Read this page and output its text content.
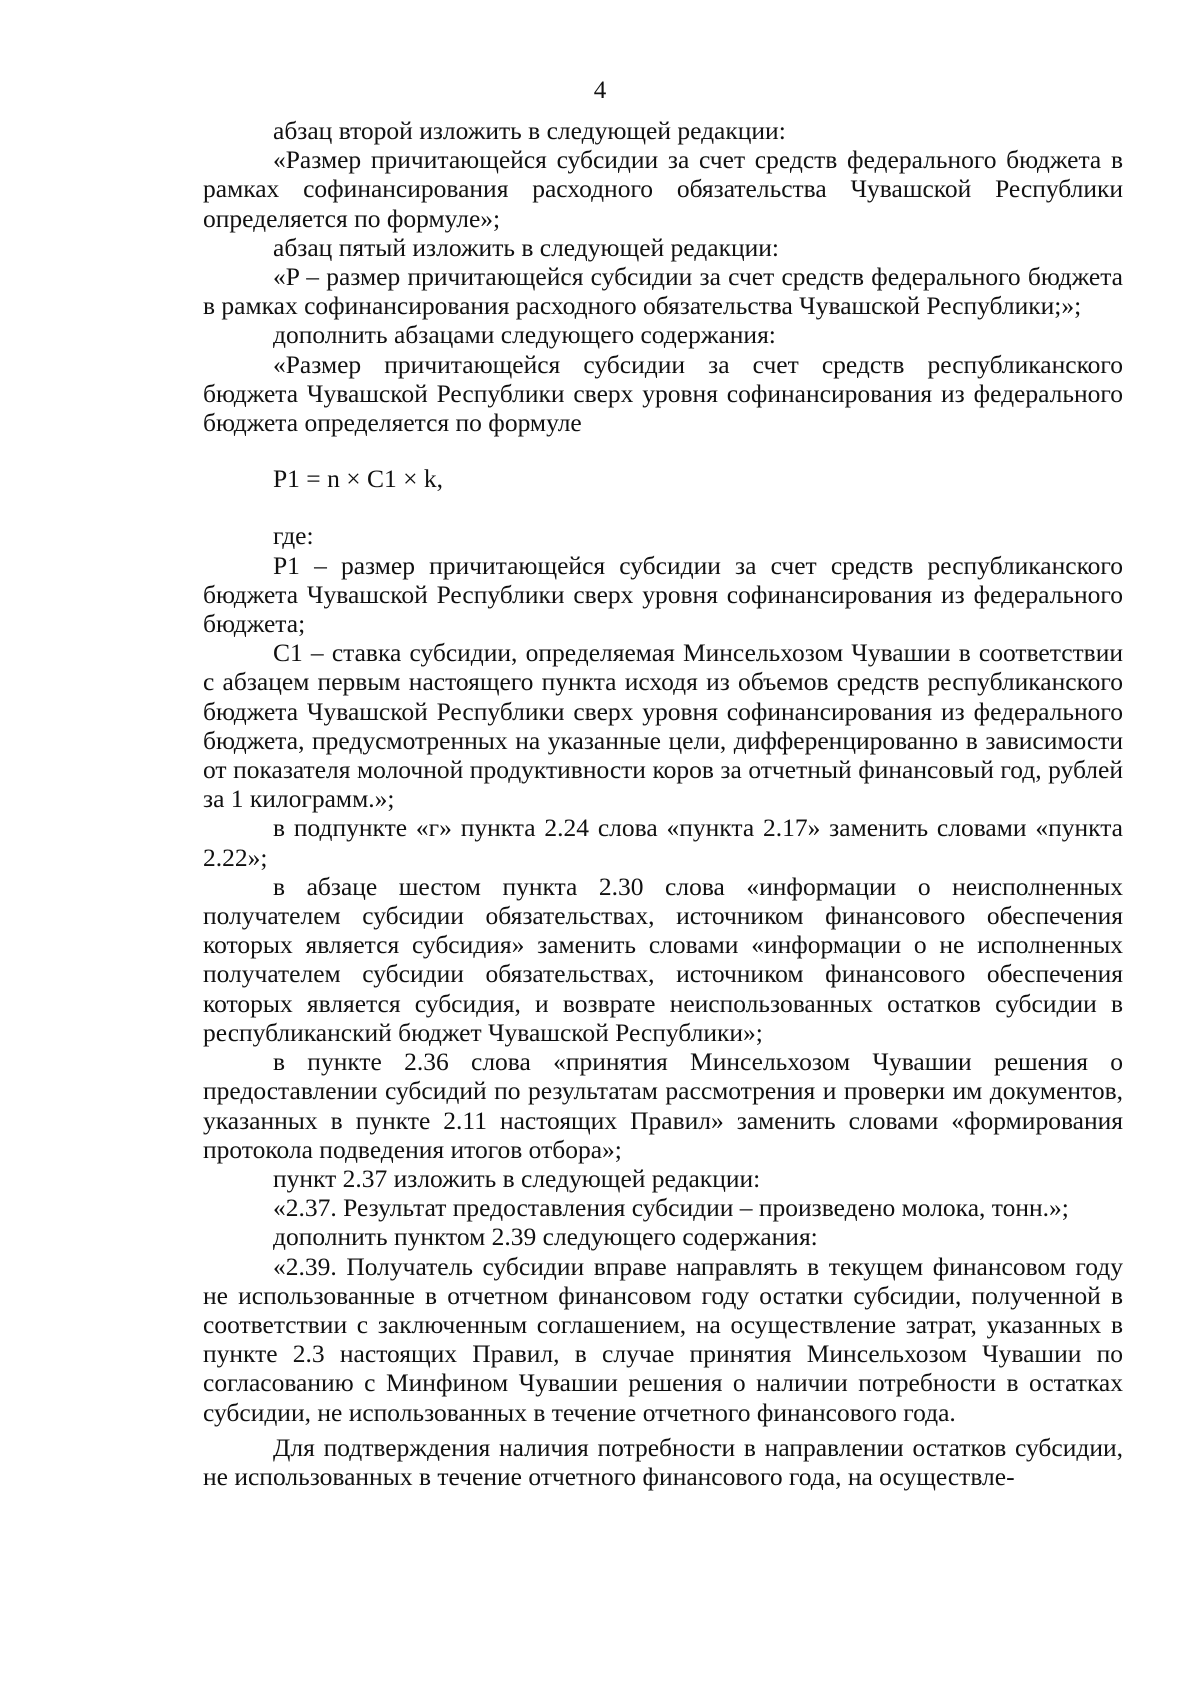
4

абзац второй изложить в следующей редакции:

«Размер причитающейся субсидии за счет средств федерального бюджета в рамках софинансирования расходного обязательства Чувашской Республики определяется по формуле»;

абзац пятый изложить в следующей редакции:

«P – размер причитающейся субсидии за счет средств федерального бюджета в рамках софинансирования расходного обязательства Чувашской Республики;»;

дополнить абзацами следующего содержания:

«Размер причитающейся субсидии за счет средств республиканского бюджета Чувашской Республики сверх уровня софинансирования из федерального бюджета определяется по формуле

P1 = n × C1 × k,

где:

P1 – размер причитающейся субсидии за счет средств республиканского бюджета Чувашской Республики сверх уровня софинансирования из федерального бюджета;

C1 – ставка субсидии, определяемая Минсельхозом Чувашии в соответствии с абзацем первым настоящего пункта исходя из объемов средств республиканского бюджета Чувашской Республики сверх уровня софинансирования из федерального бюджета, предусмотренных на указанные цели, дифференцированно в зависимости от показателя молочной продуктивности коров за отчетный финансовый год, рублей за 1 килограмм.»;

в подпункте «г» пункта 2.24 слова «пункта 2.17» заменить словами «пункта 2.22»;

в абзаце шестом пункта 2.30 слова «информации о неисполненных получателем субсидии обязательствах, источником финансового обеспечения которых является субсидия» заменить словами «информации о не исполненных получателем субсидии обязательствах, источником финансового обеспечения которых является субсидия, и возврате неиспользованных остатков субсидии в республиканский бюджет Чувашской Республики»;

в пункте 2.36 слова «принятия Минсельхозом Чувашии решения о предоставлении субсидий по результатам рассмотрения и проверки им документов, указанных в пункте 2.11 настоящих Правил» заменить словами «формирования протокола подведения итогов отбора»;

пункт 2.37 изложить в следующей редакции:

«2.37. Результат предоставления субсидии – произведено молока, тонн.»;

дополнить пунктом 2.39 следующего содержания:

«2.39. Получатель субсидии вправе направлять в текущем финансовом году не использованные в отчетном финансовом году остатки субсидии, полученной в соответствии с заключенным соглашением, на осуществление затрат, указанных в пункте 2.3 настоящих Правил, в случае принятия Минсельхозом Чувашии по согласованию с Минфином Чувашии решения о наличии потребности в остатках субсидии, не использованных в течение отчетного финансового года.

Для подтверждения наличия потребности в направлении остатков субсидии, не использованных в течение отчетного финансового года, на осуществле-
